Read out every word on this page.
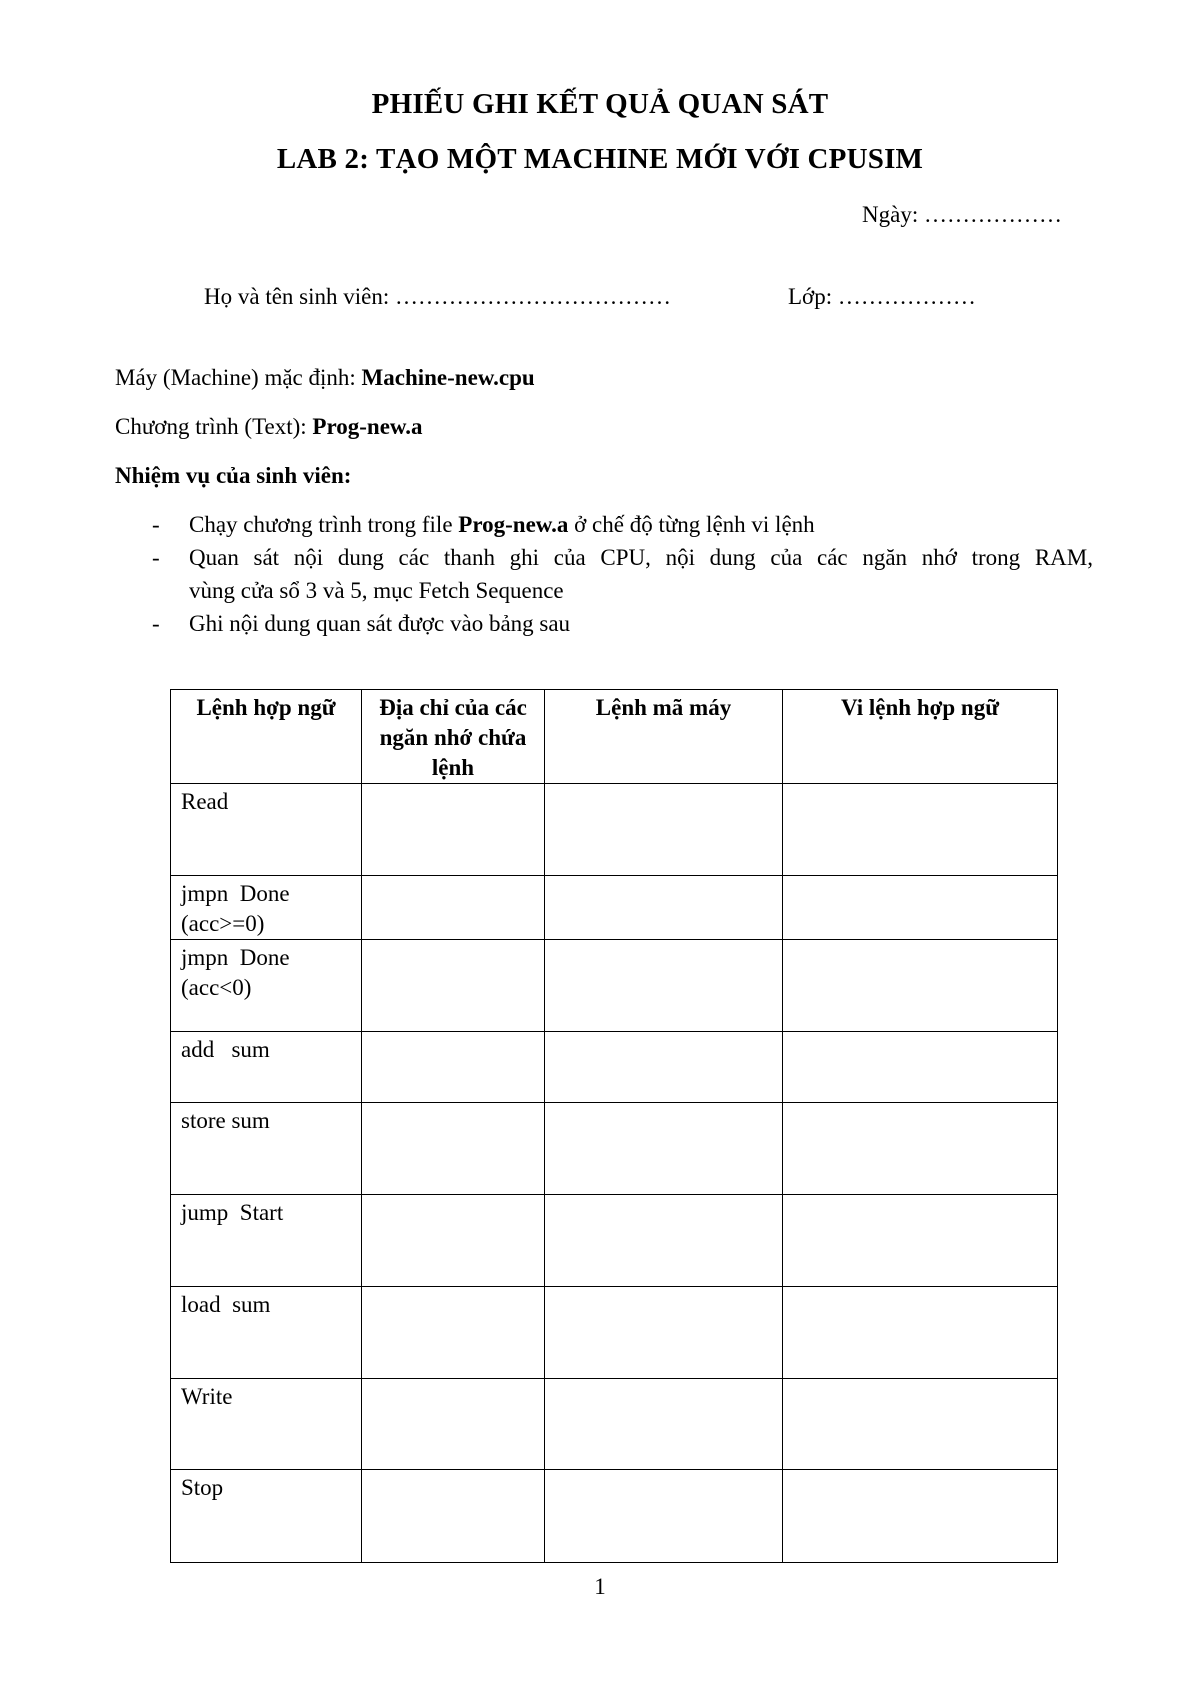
PHIẾU GHI KẾT QUẢ QUAN SÁT
LAB 2: TẠO MỘT MACHINE MỚI VỚI CPUSIM
Ngày: ………………
Họ và tên sinh viên: ………………………………	Lớp: ………………
Máy (Machine) mặc định: Machine-new.cpu
Chương trình (Text): Prog-new.a
Nhiệm vụ của sinh viên:
- Chạy chương trình trong file Prog-new.a ở chế độ từng lệnh vi lệnh
- Quan sát nội dung các thanh ghi của CPU, nội dung của các ngăn nhớ trong RAM,
vùng cửa sổ 3 và 5, mục Fetch Sequence
- Ghi nội dung quan sát được vào bảng sau
Lệnh hợp ngữ	Địa chỉ của các ngăn nhớ chứa lệnh	Lệnh mã máy	Vi lệnh hợp ngữ
Read			
jmpn  Done
(acc>=0)			
jmpn  Done
(acc<0)			
add   sum			
store sum			
jump  Start			
load  sum			
Write			
Stop			
1
